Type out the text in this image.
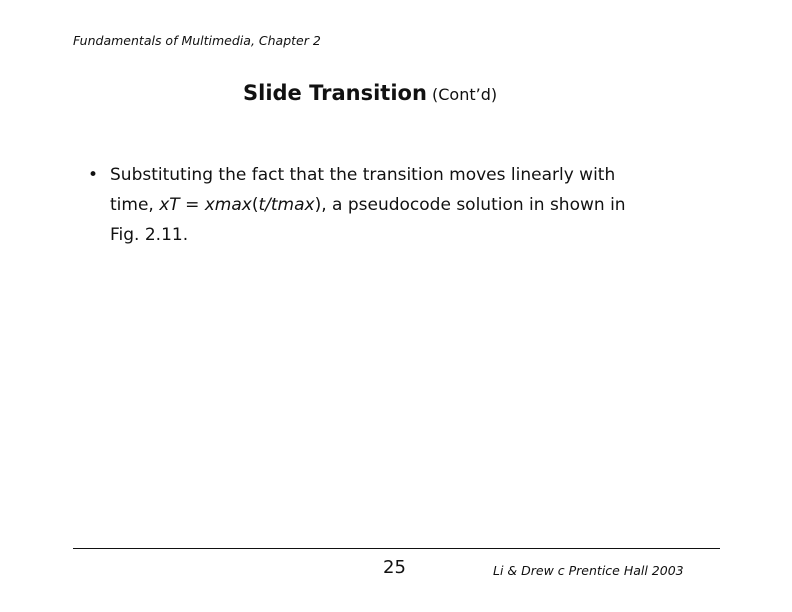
Fundamentals of Multimedia, Chapter 2
Slide Transition (Cont’d)
• Substituting the fact that the transition moves linearly with time, xT = xmax(t/tmax), a pseudocode solution in shown in Fig. 2.11.
25	Li & Drew c Prentice Hall 2003
